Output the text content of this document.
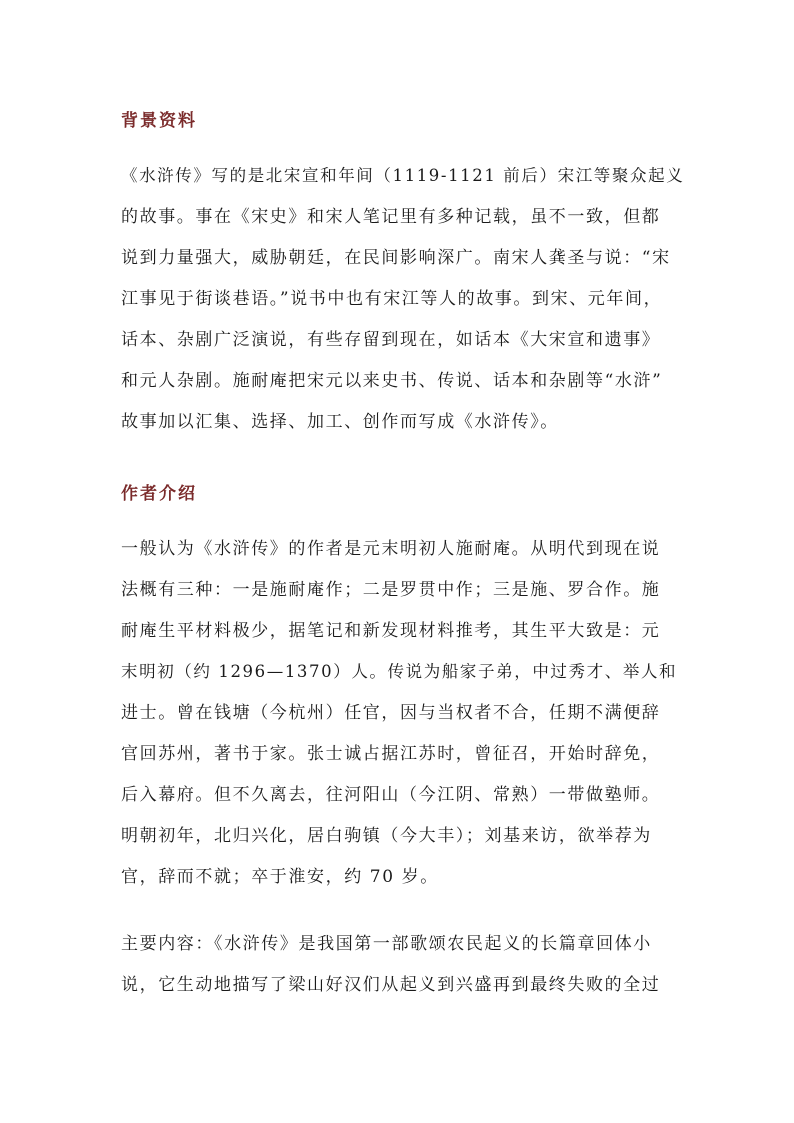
背景资料

《水浒传》写的是北宋宣和年间（1119-1121 前后）宋江等聚众起义

的故事。事在《宋史》和宋人笔记里有多种记载，虽不一致，但都

说到力量强大，威胁朝廷，在民间影响深广。南宋人龚圣与说：“宋

江事见于街谈巷语。”说书中也有宋江等人的故事。到宋、元年间，

话本、杂剧广泛演说，有些存留到现在，如话本《大宋宣和遗事》

和元人杂剧。施耐庵把宋元以来史书、传说、话本和杂剧等“水浒”

故事加以汇集、选择、加工、创作而写成《水浒传》。

作者介绍

一般认为《水浒传》的作者是元末明初人施耐庵。从明代到现在说

法概有三种：一是施耐庵作；二是罗贯中作；三是施、罗合作。施

耐庵生平材料极少，据笔记和新发现材料推考，其生平大致是：元

末明初（约 1296—1370）人。传说为船家子弟，中过秀才、举人和

进士。曾在钱塘（今杭州）任官，因与当权者不合，任期不满便辞

官回苏州，著书于家。张士诚占据江苏时，曾征召，开始时辞免，

后入幕府。但不久离去，往河阳山（今江阴、常熟）一带做塾师。

明朝初年，北归兴化，居白驹镇（今大丰）；刘基来访，欲举荐为

官，辞而不就；卒于淮安，约 70 岁。

主要内容：《水浒传》是我国第一部歌颂农民起义的长篇章回体小

说，它生动地描写了梁山好汉们从起义到兴盛再到最终失败的全过
